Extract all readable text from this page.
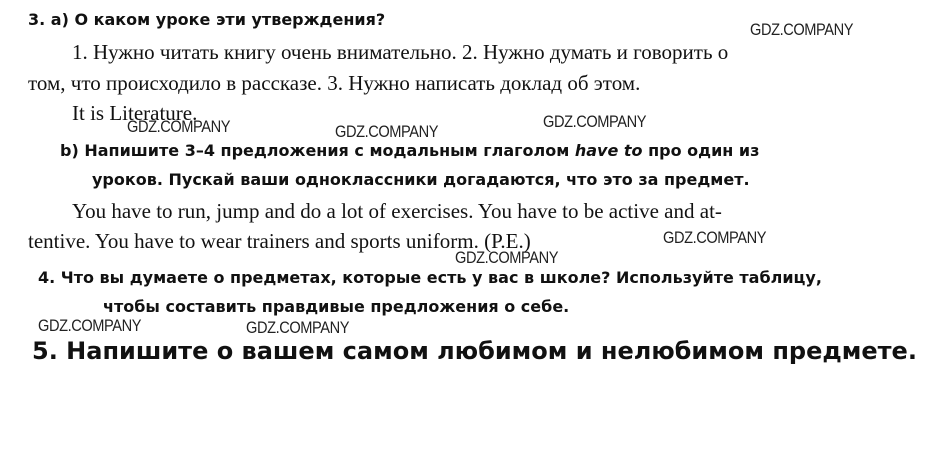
3. а) О каком уроке эти утверждения?
1. Нужно читать книгу очень внимательно. 2. Нужно думать и говорить о
том, что происходило в рассказе. 3. Нужно написать доклад об этом.
It is Literature.
b) Напишите 3–4 предложения с модальным глаголом have to про один из
уроков. Пускай ваши одноклассники догадаются, что это за предмет.
You have to run, jump and do a lot of exercises. You have to be active and at-
tentive. You have to wear trainers and sports uniform. (P.E.)
4. Что вы думаете о предметах, которые есть у вас в школе? Используйте таблицу,
чтобы составить правдивые предложения о себе.
5. Напишите о вашем самом любимом и нелюбимом предмете.
GDZ.COMPANY
GDZ.COMPANY	GDZ.COMPANY
GDZ.COMPANY
GDZ.COMPANY
GDZ.COMPANY
GDZ.COMPANY	GDZ.COMPANY
